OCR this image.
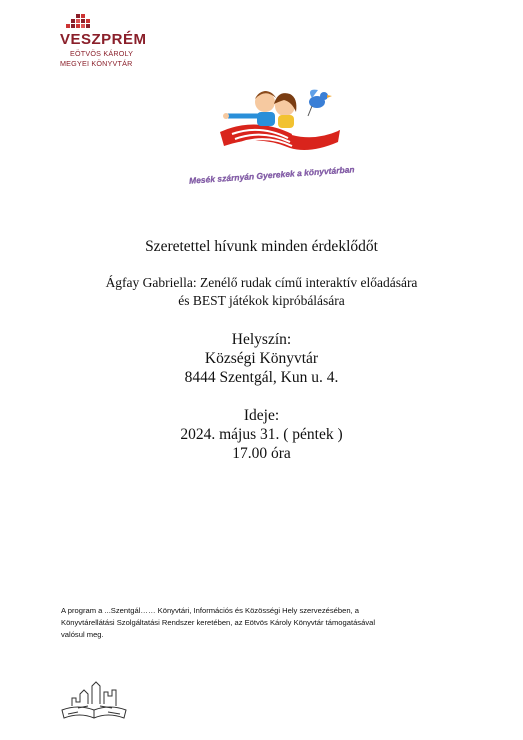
VESZPRÉM
EÖTVÖS KÁROLY
MEGYEI KÖNYVTÁR
Mesék szárnyán Gyerekek a könyvtárban
Szeretettel hívunk minden érdeklődőt
Ágfay Gabriella: Zenélő rudak című interaktív előadására
és BEST játékok kipróbálására
Helyszín:
Községi Könyvtár
8444 Szentgál, Kun u. 4.
Ideje:
2024. május 31. ( péntek )
17.00 óra
A program a ...Szentgál…… Könyvtári, Információs és Közösségi Hely szervezésében, a
Könyvtárellátási Szolgáltatási Rendszer keretében, az Eötvös Károly Könyvtár támogatásával
valósul meg.
